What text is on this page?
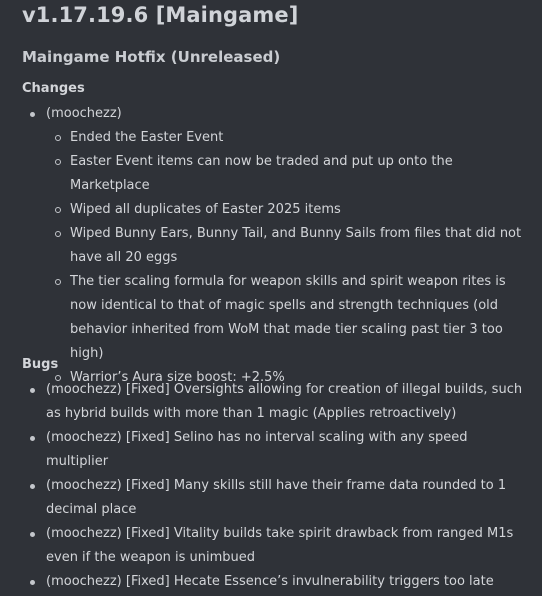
v1.17.19.6 [Maingame]
Maingame Hotfix (Unreleased)
Changes
(moochezz)
Ended the Easter Event
Easter Event items can now be traded and put up onto the Marketplace
Wiped all duplicates of Easter 2025 items
Wiped Bunny Ears, Bunny Tail, and Bunny Sails from files that did not have all 20 eggs
The tier scaling formula for weapon skills and spirit weapon rites is now identical to that of magic spells and strength techniques (old behavior inherited from WoM that made tier scaling past tier 3 too high)
Warrior’s Aura size boost: +2.5%
Bugs
(moochezz) [Fixed] Oversights allowing for creation of illegal builds, such as hybrid builds with more than 1 magic (Applies retroactively)
(moochezz) [Fixed] Selino has no interval scaling with any speed multiplier
(moochezz) [Fixed] Many skills still have their frame data rounded to 1 decimal place
(moochezz) [Fixed] Vitality builds take spirit drawback from ranged M1s even if the weapon is unimbued
(moochezz) [Fixed] Hecate Essence’s invulnerability triggers too late
